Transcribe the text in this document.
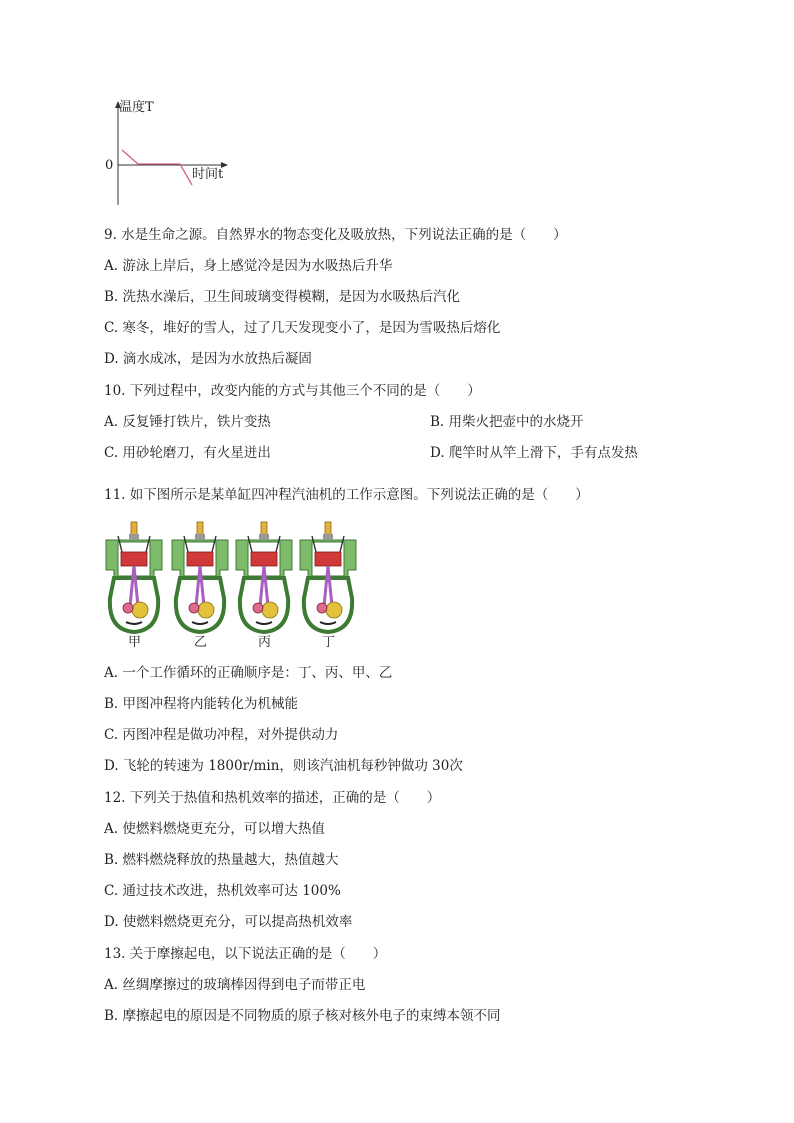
温度T
0
时间t
9. 水是生命之源。自然界水的物态变化及吸放热，下列说法正确的是（　　）
A. 游泳上岸后，身上感觉冷是因为水吸热后升华
B. 洗热水澡后，卫生间玻璃变得模糊，是因为水吸热后汽化
C. 寒冬，堆好的雪人，过了几天发现变小了，是因为雪吸热后熔化
D. 滴水成冰，是因为水放热后凝固
10. 下列过程中，改变内能的方式与其他三个不同的是（　　）
A. 反复锤打铁片，铁片变热	B. 用柴火把壶中的水烧开
C. 用砂轮磨刀，有火星迸出	D. 爬竿时从竿上滑下，手有点发热
11. 如下图所示是某单缸四冲程汽油机的工作示意图。下列说法正确的是（　　）
甲	乙	丙	丁
A. 一个工作循环的正确顺序是：丁、丙、甲、乙
B. 甲图冲程将内能转化为机械能
C. 丙图冲程是做功冲程，对外提供动力
D. 飞轮的转速为 1800r/min，则该汽油机每秒钟做功 30次
12. 下列关于热值和热机效率的描述，正确的是（　　）
A. 使燃料燃烧更充分，可以增大热值
B. 燃料燃烧释放的热量越大，热值越大
C. 通过技术改进，热机效率可达 100%
D. 使燃料燃烧更充分，可以提高热机效率
13. 关于摩擦起电，以下说法正确的是（　　）
A. 丝绸摩擦过的玻璃棒因得到电子而带正电
B. 摩擦起电的原因是不同物质的原子核对核外电子的束缚本领不同
